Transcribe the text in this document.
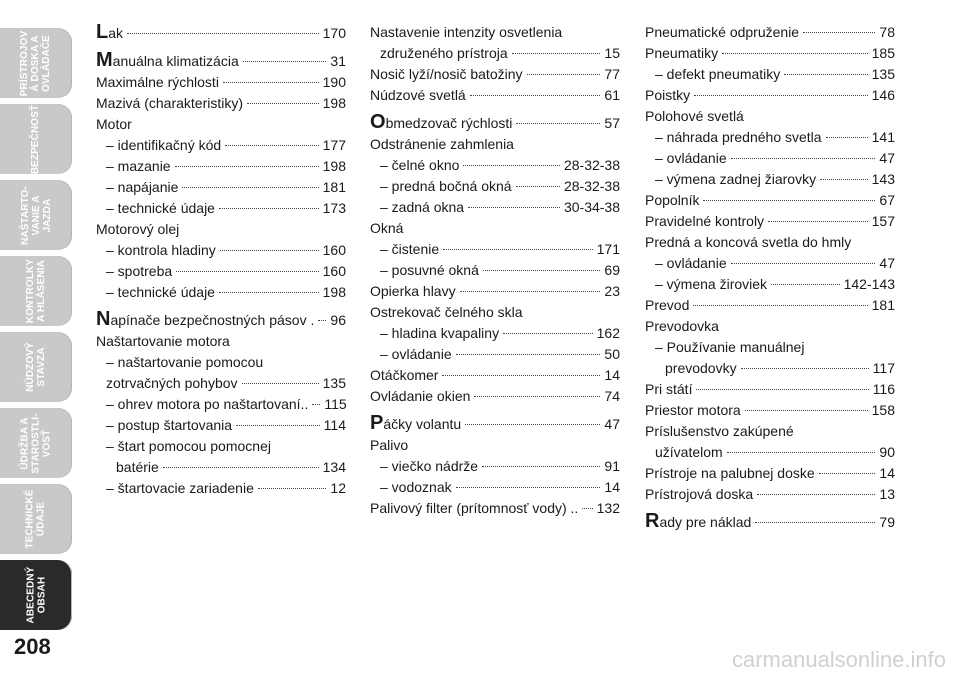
PRÍSTROJOV
Á DOSKA A
OVLÁDAČE
BEZPEČNOSŤ
NAŠTARTO-
VANIE A
JAZDA
KONTROLKY
A HLÁSENIA
NÚDZOVÝ
STAVZA
ÚDRŽBA A
STAROSTLI-
VOSŤ
TECHNICKÉ
ÚDAJE
ABECEDNÝ
OBSAH
208
Lak	170
Manuálna klimatizácia	31
Maximálne rýchlosti	190
Mazivá (charakteristiky)	198
Motor
– identifikačný kód	177
– mazanie	198
– napájanie	181
– technické údaje	173
Motorový olej
– kontrola hladiny	160
– spotreba	160
– technické údaje	198
Napínače bezpečnostných pásov . 96
Naštartovanie motora
– naštartovanie pomocou
zotrvačných pohybov	135
– ohrev motora po naštartovaní.. 115
– postup štartovania	114
– štart pomocou pomocnej
batérie	134
– štartovacie zariadenie	12
Nastavenie intenzity osvetlenia
združeného prístroja	15
Nosič lyží/nosič batožiny	77
Núdzové svetlá	61
Obmedzovač rýchlosti	57
Odstránenie zahmlenia
– čelné okno	28-32-38
– predná bočná okná	28-32-38
– zadná okna	30-34-38
Okná
– čistenie	171
– posuvné okná	69
Opierka hlavy	23
Ostrekovač čelného skla
– hladina kvapaliny	162
– ovládanie	50
Otáčkomer	14
Ovládanie okien	74
Páčky volantu	47
Palivo
– viečko nádrže	91
– vodoznak	14
Palivový filter (prítomnosť vody) .. 132
Pneumatické odpruženie	78
Pneumatiky	185
– defekt pneumatiky	135
Poistky	146
Polohové svetlá
– náhrada predného svetla	141
– ovládanie	47
– výmena zadnej žiarovky	143
Popolník	67
Pravidelné kontroly	157
Predná a koncová svetla do hmly
– ovládanie	47
– výmena žiroviek	142-143
Prevod	181
Prevodovka
– Používanie manuálnej
prevodovky	117
Pri státí	116
Priestor motora	158
Príslušenstvo zakúpené
užívatelom	90
Prístroje na palubnej doske	14
Prístrojová doska	13
Rady pre náklad	79
carmanualsonline.info
